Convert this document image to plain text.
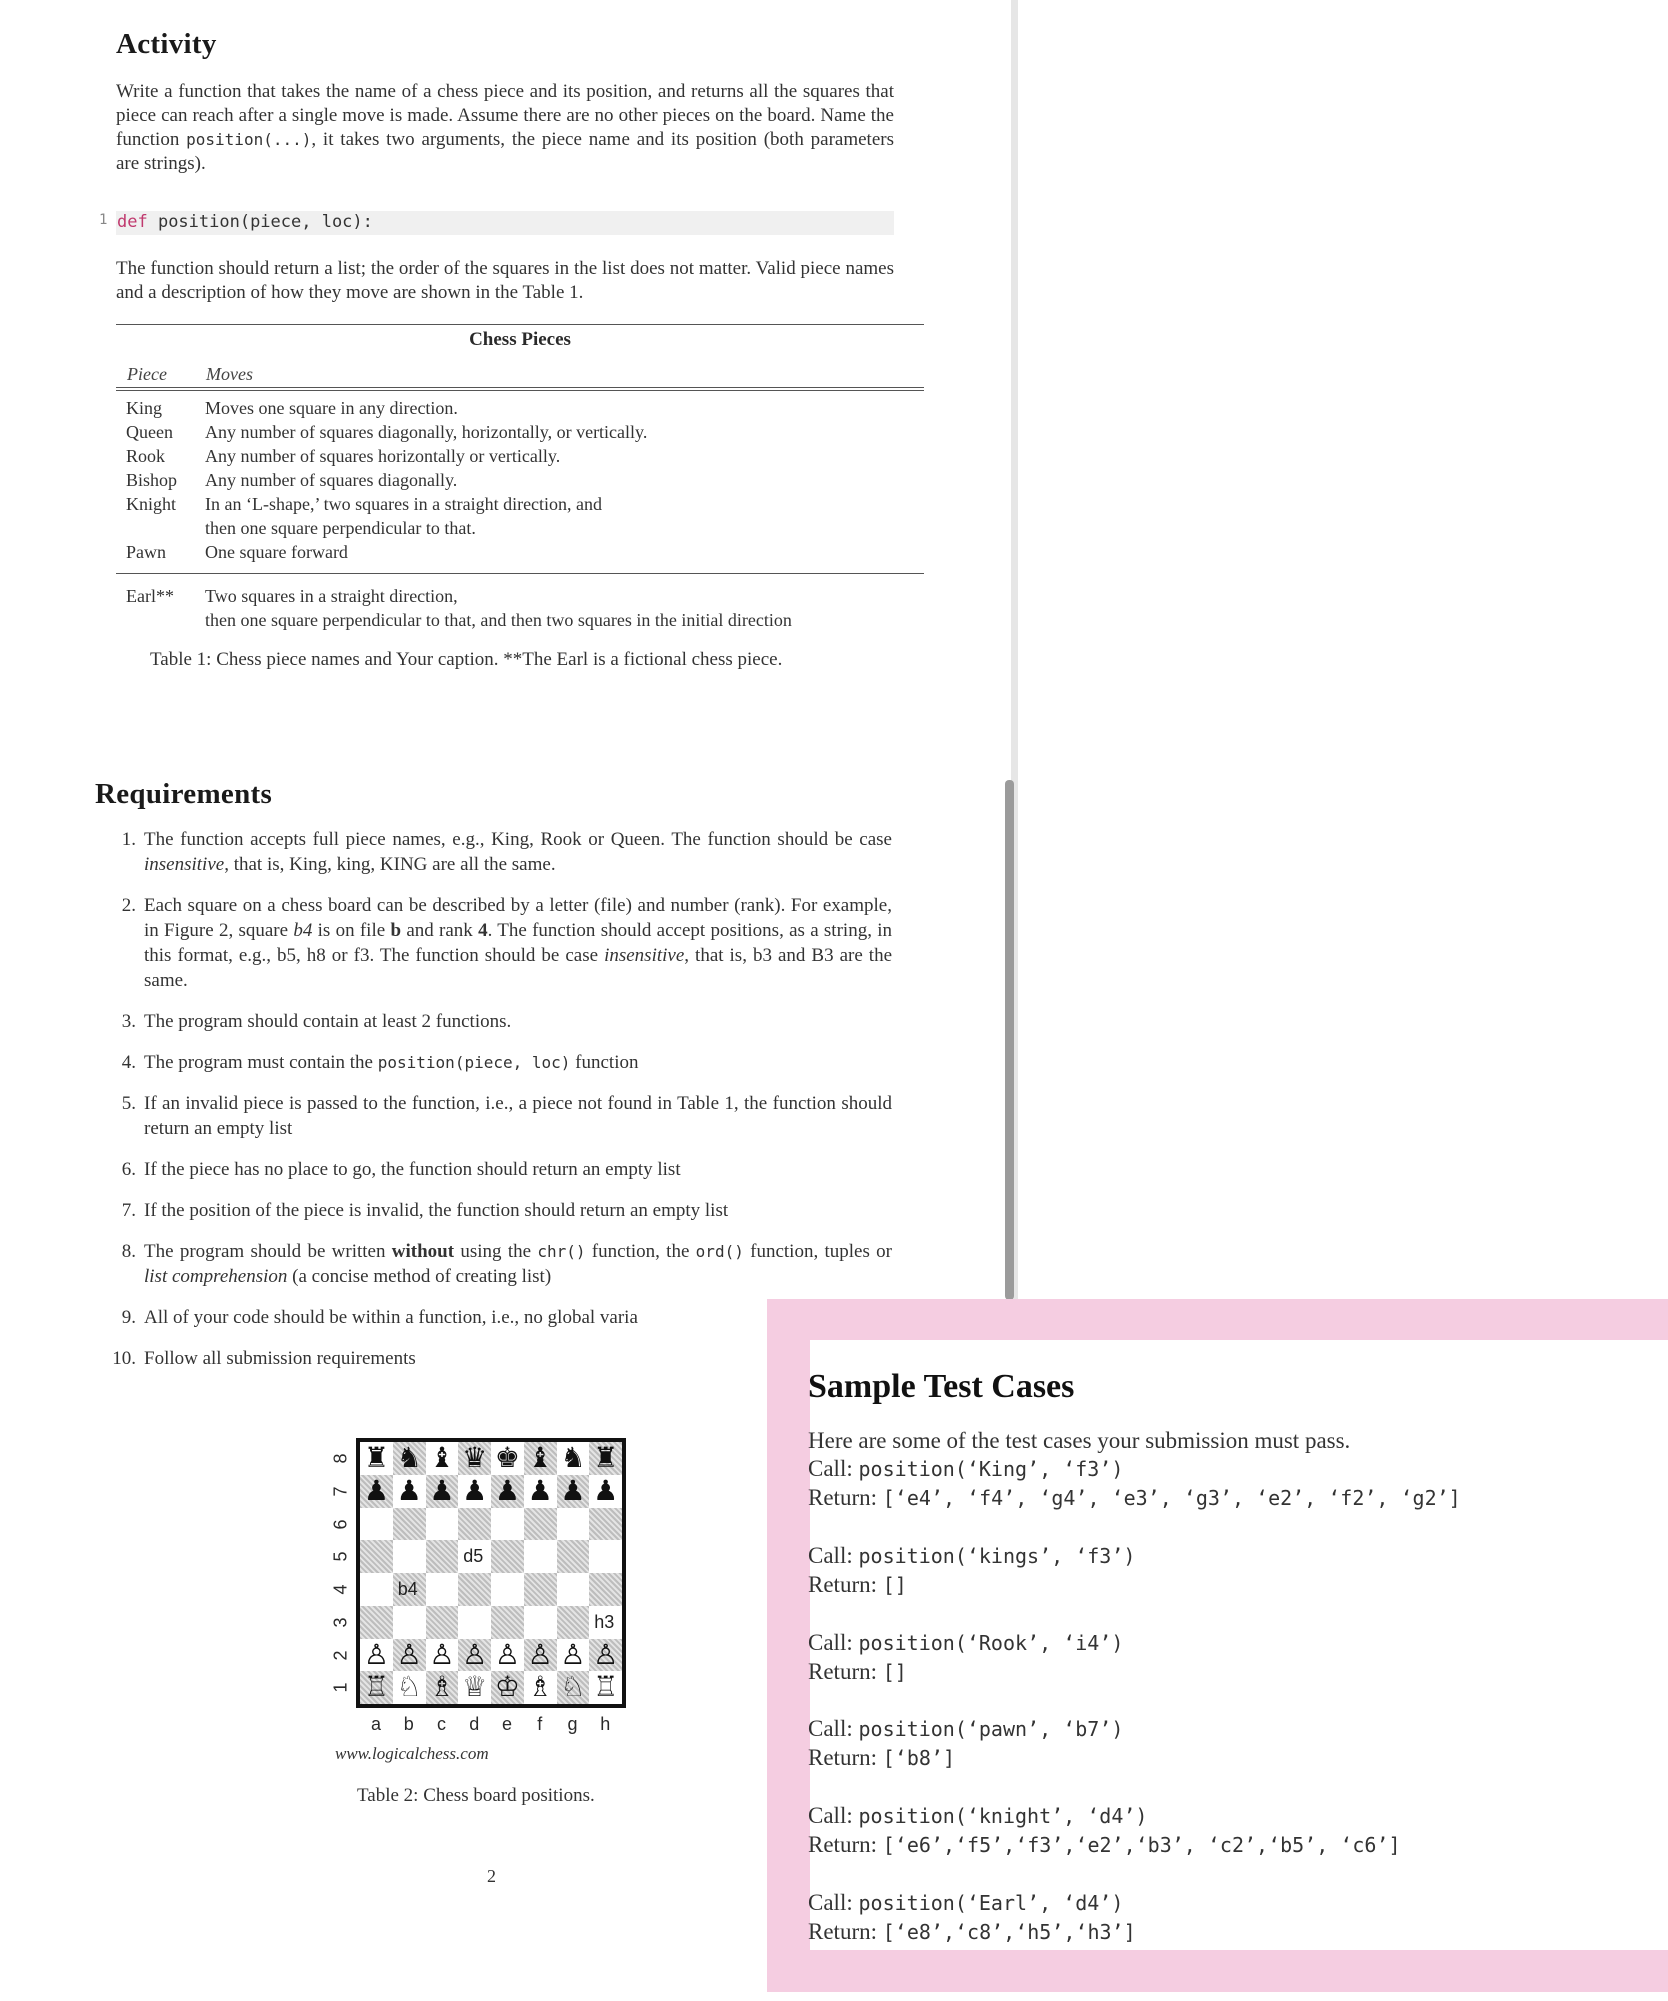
Activity
Write a function that takes the name of a chess piece and its position, and returns all the squares that piece can reach after a single move is made. Assume there are no other pieces on the board. Name the function position(...), it takes two arguments, the piece name and its position (both parameters are strings).
1 def position(piece, loc):
The function should return a list; the order of the squares in the list does not matter. Valid piece names and a description of how they move are shown in the Table 1.
Chess Pieces
Piece Moves
King Moves one square in any direction.
Queen Any number of squares diagonally, horizontally, or vertically.
Rook Any number of squares horizontally or vertically.
Bishop Any number of squares diagonally.
Knight In an ‘L-shape,’ two squares in a straight direction, and
then one square perpendicular to that.
Pawn One square forward
Earl** Two squares in a straight direction,
then one square perpendicular to that, and then two squares in the initial direction
Table 1: Chess piece names and Your caption. **The Earl is a fictional chess piece.
Requirements
1. The function accepts full piece names, e.g., King, Rook or Queen. The function should be case insensitive, that is, King, king, KING are all the same.
2. Each square on a chess board can be described by a letter (file) and number (rank). For example, in Figure 2, square b4 is on file b and rank 4. The function should accept positions, as a string, in this format, e.g., b5, h8 or f3. The function should be case insensitive, that is, b3 and B3 are the same.
3. The program should contain at least 2 functions.
4. The program must contain the position(piece, loc) function
5. If an invalid piece is passed to the function, i.e., a piece not found in Table 1, the function should return an empty list
6. If the piece has no place to go, the function should return an empty list
7. If the position of the piece is invalid, the function should return an empty list
8. The program should be written without using the chr() function, the ord() function, tuples or list comprehension (a concise method of creating list)
9. All of your code should be within a function, i.e., no global varia
10. Follow all submission requirements
8
7
6
5
4
3
2
1
♜ ♞ ♝ ♛ ♚ ♝ ♞ ♜
♟ ♟ ♟ ♟ ♟ ♟ ♟ ♟
♙ ♙ ♙ ♙ ♙ ♙ ♙ ♙
♖ ♘ ♗ ♕ ♔ ♗ ♘ ♖
d5
b4
h3
a	b	c	d	e	f	g	h
www.logicalchess.com
Table 2: Chess board positions.
2
Sample Test Cases
Here are some of the test cases your submission must pass.
Call: position(‘King’, ‘f3’)
Return: [‘e4’, ‘f4’, ‘g4’, ‘e3’, ‘g3’, ‘e2’, ‘f2’, ‘g2’]
Call: position(‘kings’, ‘f3’)
Return: []
Call: position(‘Rook’, ‘i4’)
Return: []
Call: position(‘pawn’, ‘b7’)
Return: [‘b8’]
Call: position(‘knight’, ‘d4’)
Return: [‘e6’,‘f5’,‘f3’,‘e2’,‘b3’, ‘c2’,‘b5’, ‘c6’]
Call: position(‘Earl’, ‘d4’)
Return: [‘e8’,‘c8’,‘h5’,‘h3’]
